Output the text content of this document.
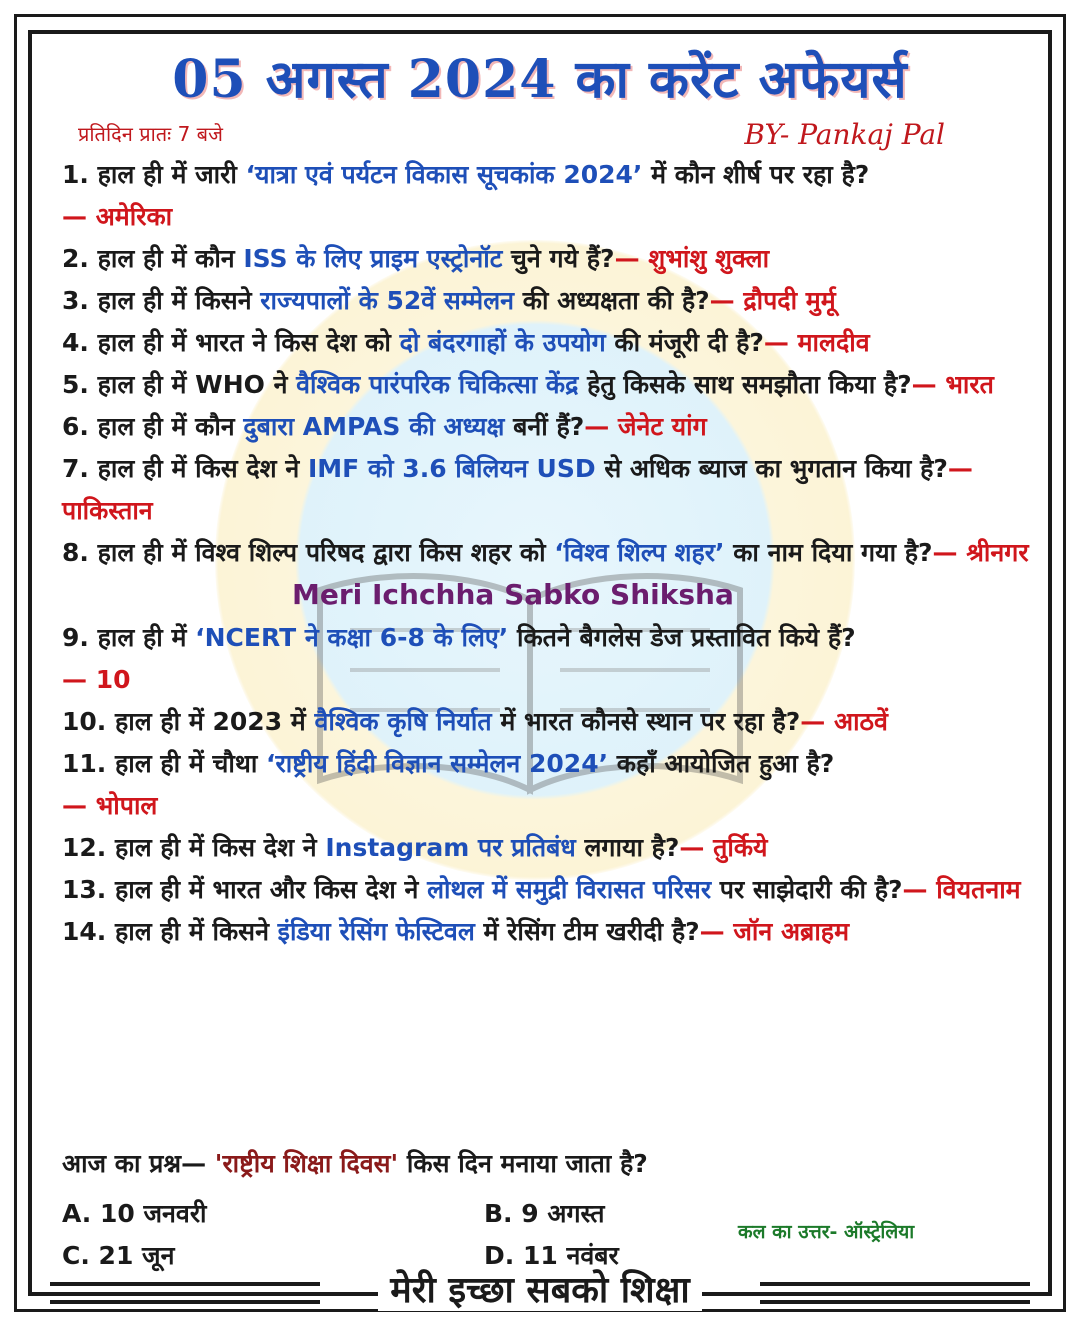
05 अगस्त 2024 का करेंट अफेयर्स
प्रतिदिन प्रातः 7 बजे	BY- Pankaj Pal

1. हाल ही में जारी ‘यात्रा एवं पर्यटन विकास सूचकांक 2024’ में कौन शीर्ष पर रहा है?
— अमेरिका

2. हाल ही में कौन ISS के लिए प्राइम एस्ट्रोनॉट चुने गये हैं?— शुभांशु शुक्ला

3. हाल ही में किसने राज्यपालों के 52वें सम्मेलन की अध्यक्षता की है?— द्रौपदी मुर्मू

4. हाल ही में भारत ने किस देश को दो बंदरगाहों के उपयोग की मंजूरी दी है?— मालदीव

5. हाल ही में WHO ने वैश्विक पारंपरिक चिकित्सा केंद्र हेतु किसके साथ समझौता किया है?— भारत

6. हाल ही में कौन दुबारा AMPAS की अध्यक्ष बनीं हैं?— जेनेट यांग

7. हाल ही में किस देश ने IMF को 3.6 बिलियन USD से अधिक ब्याज का भुगतान किया है?— पाकिस्तान

8. हाल ही में विश्व शिल्प परिषद द्वारा किस शहर को ‘विश्व शिल्प शहर’ का नाम दिया गया है?— श्रीनगरMeri Ichchha Sabko Shiksha

9. हाल ही में ‘NCERT ने कक्षा 6-8 के लिए’ कितने बैगलेस डेज प्रस्तावित किये हैं?
— 10

10. हाल ही में 2023 में वैश्विक कृषि निर्यात में भारत कौनसे स्थान पर रहा है?— आठवें

11. हाल ही में चौथा ‘राष्ट्रीय हिंदी विज्ञान सम्मेलन 2024’ कहाँ आयोजित हुआ है?
— भोपाल

12. हाल ही में किस देश ने Instagram पर प्रतिबंध लगाया है?— तुर्किये

13. हाल ही में भारत और किस देश ने लोथल में समुद्री विरासत परिसर पर साझेदारी की है?— वियतनाम

14. हाल ही में किसने इंडिया रेसिंग फेस्टिवल में रेसिंग टीम खरीदी है?— जॉन अब्राहम

आज का प्रश्न— 'राष्ट्रीय शिक्षा दिवस' किस दिन मनाया जाता है?
A. 10 जनवरी	B. 9 अगस्त
C. 21 जून	D. 11 नवंबर
कल का उत्तर- ऑस्ट्रेलिया
मेरी इच्छा सबको शिक्षा
